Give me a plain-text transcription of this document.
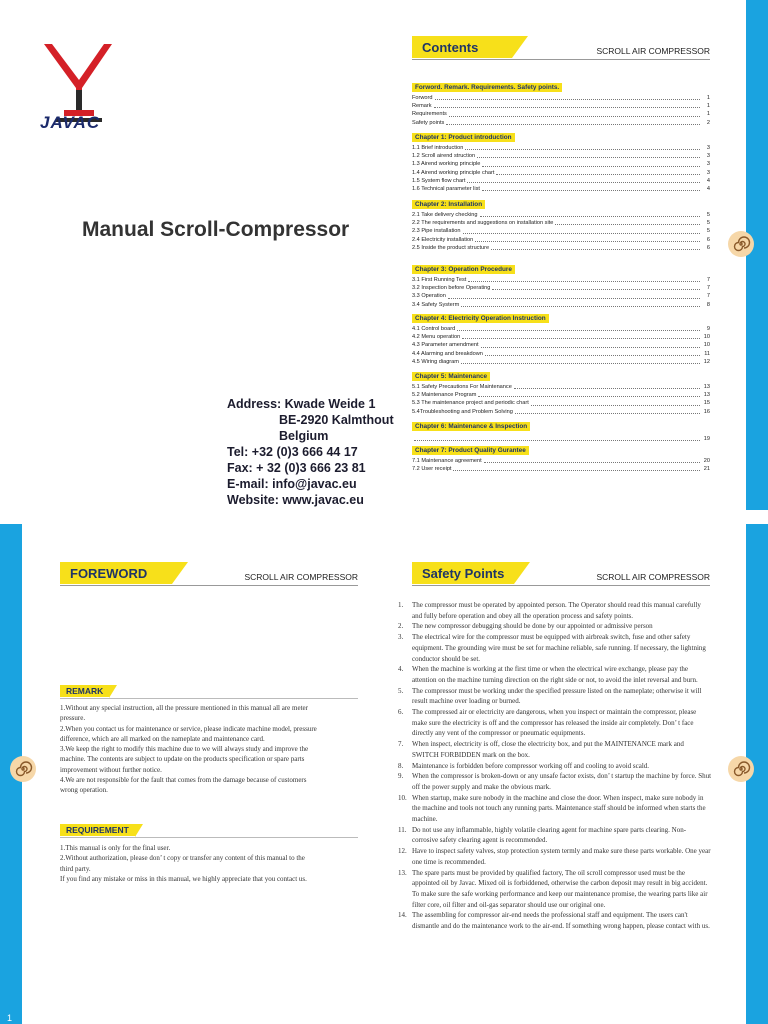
JAVAC
Manual Scroll-Compressor
Address: Kwade Weide 1
BE-2920 Kalmthout
Belgium
Tel: +32 (0)3 666 44 17
Fax: + 32 (0)3 666 23 81
E-mail: info@javac.eu
Website: www.javac.eu
Contents	SCROLL AIR COMPRESSOR
Forword. Remark. Requirements. Safety points.
Forword	1
Remark	1
Requirements	1
Safety points	2
Chapter 1: Product introduction
1.1 Brief introduction	3
1.2 Scroll airend struction	3
1.3 Airend working principle	3
1.4 Airend working principle chart	3
1.5 System flow chart	4
1.6 Technical parameter list	4
Chapter 2: Installation
2.1 Take delivery checking	5
2.2 The requirements and suggestions on installation site	5
2.3 Pipe installation	5
2.4 Electricity installation	6
2.5 Inside the product structure	6
Chapter 3: Operation Procedure
3.1 First Running Test	7
3.2 Inspection before Operating	7
3.3 Operation	7
3.4 Safety Systerm	8
Chapter 4: Electricity Operation Instruction
4.1 Control board	9
4.2 Menu operation	10
4.3 Parameter amendment	10
4.4 Alarming and breakdown	11
4.5 Wiring diagram	12
Chapter 5: Maintenance
5.1 Safety Precautions For Maintenance	13
5.2 Maintenance Program	13
5.3 The maintenance project and periodic chart	15
5.4Troubleshooting and Problem Solving	16
Chapter 6: Maintenance & Inspection
19
Chapter 7: Product Quality Gurantee
7.1 Maintenance agreement	20
7.2 User receipt	21
FOREWORD	SCROLL AIR COMPRESSOR
REMARK

1.Without any special instruction, all the pressure mentioned in this manual all are meter

pressure.

2.When you contact us for maintenance or service, please indicate machine model, pressure

difference, which are all marked on the nameplate and maintenance card.

3.We keep the right to modify this machine due to we will always study and improve the

machine. The contents are subject to update on the products specification or spare parts

improvement without further notice.

4.We are not responsible for the fault that comes from the damage because of customers

wrong operation.

REQUIREMENT

1.This manual is only for the final user.

2.Without authorization, please don’ t copy or transfer any content of this manual to the

third party.

If you find any mistake or miss in this manual, we highly appreciate that you contact us.

1
Safety Points	SCROLL AIR COMPRESSOR
1.	The compressor must be operated by appointed person. The Operator should read this manual carefully and fully before operation and obey all the operation process and safety points.
2.	The new compressor debugging should be done by our appointed or admissive person
3.	The electrical wire for the compressor must be equipped with airbreak switch, fuse and other safety equipment. The grounding wire must be set for machine reliable, safe running. If necessary, the lightning conductor should be set.
4.	When the machine is working at the first time or when the electrical wire exchange, please pay the attention on the machine turning direction on the right side or not, to avoid the inlet reversal and burn.
5.	The compressor must be working under the specified pressure listed on the nameplate; otherwise it will result machine over loading or burned.
6.	The compressed air or electricity are dangerous, when you inspect or maintain the compressor, please make sure the electricity is off and the compressor has released the inside air completely. Don’ t face directly any vent of the compressor or pneumatic equipments.
7.	When inspect, electricity is off, close the electricity box, and put the MAINTENANCE mark and SWITCH FORBIDDEN mark on the box.
8.	Maintenance is forbidden before compressor working off and cooling to avoid scald.
9.	When the compressor is broken-down or any unsafe factor exists, don’ t startup the machine by force. Shut off the power supply and make the obvious mark.
10. When startup, make sure nobody in the machine and close the door. When inspect, make sure nobody in the machine and tools not touch any running parts. Maintenance staff should be informed when starts the machine.
11. Do not use any inflammable, highly volatile clearing agent for machine spare parts clearing. Non-corrosive safety clearing agent is recommended.
12. Have to inspect safety valves, stop protection system termly and make sure these parts workable. One year one time is recommended.
13. The spare parts must be provided by qualified factory, The oil scroll compressor used must be the appointed oil by Javac. Mixed oil is forbiddened, otherwise the carbon deposit may result in big accident. To make sure the safe working performance and keep our maintenance promise, the wearing parts like air filter core, oil filter and oil-gas separator should use our original one.
14. The assembling for compressor air-end needs the professional staff and equipment. The users can't dismantle and do the maintenance work to the air-end. If something wrong happen, please contact with us.
2
